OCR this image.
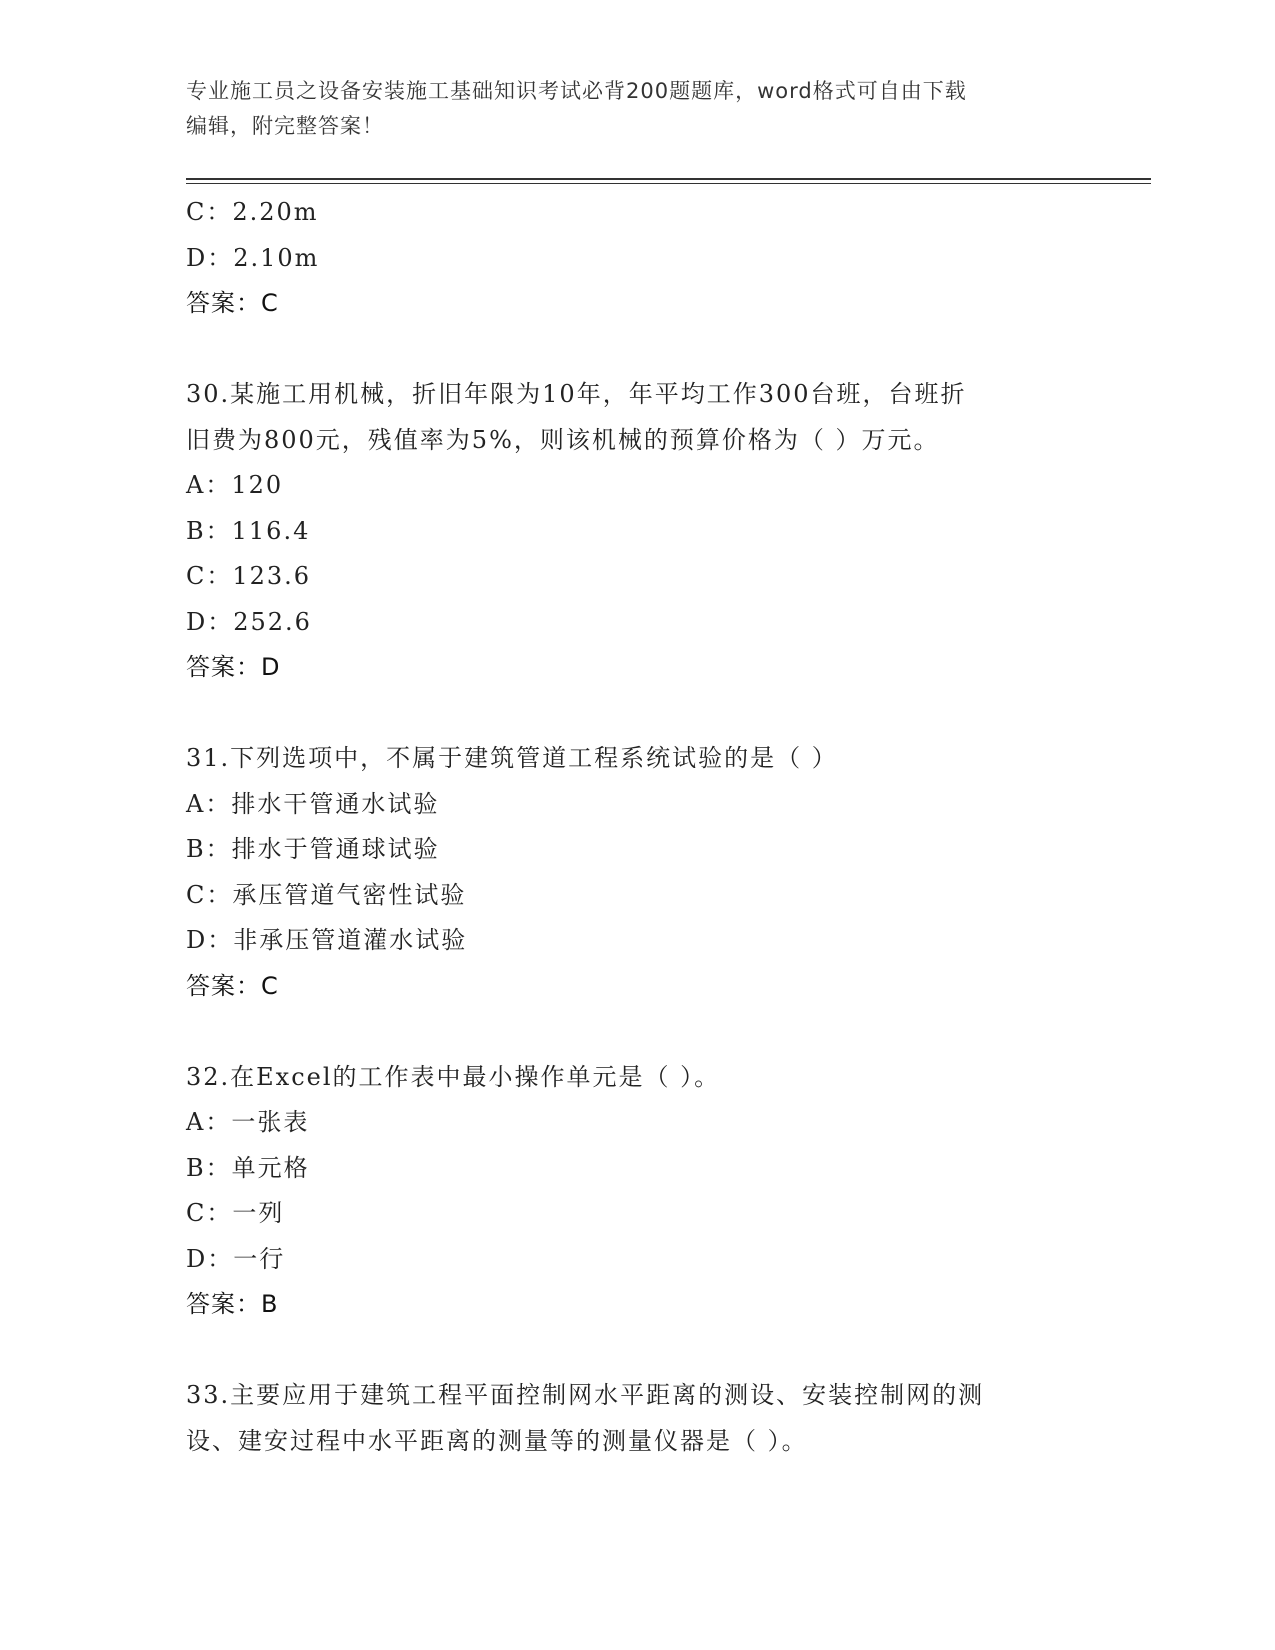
专业施工员之设备安装施工基础知识考试必背200题题库，word格式可自由下载
编辑，附完整答案！
C：2.20m
D：2.10m
答案：C
30.某施工用机械，折旧年限为10年，年平均工作300台班，台班折
旧费为800元，残值率为5%，则该机械的预算价格为（ ）万元。
A：120
B：116.4
C：123.6
D：252.6
答案：D
31.下列选项中，不属于建筑管道工程系统试验的是（ ）
A：排水干管通水试验
B：排水于管通球试验
C：承压管道气密性试验
D：非承压管道灌水试验
答案：C
32.在Excel的工作表中最小操作单元是（ ）。
A：一张表
B：单元格
C：一列
D：一行
答案：B
33.主要应用于建筑工程平面控制网水平距离的测设、安装控制网的测
设、建安过程中水平距离的测量等的测量仪器是（ ）。
